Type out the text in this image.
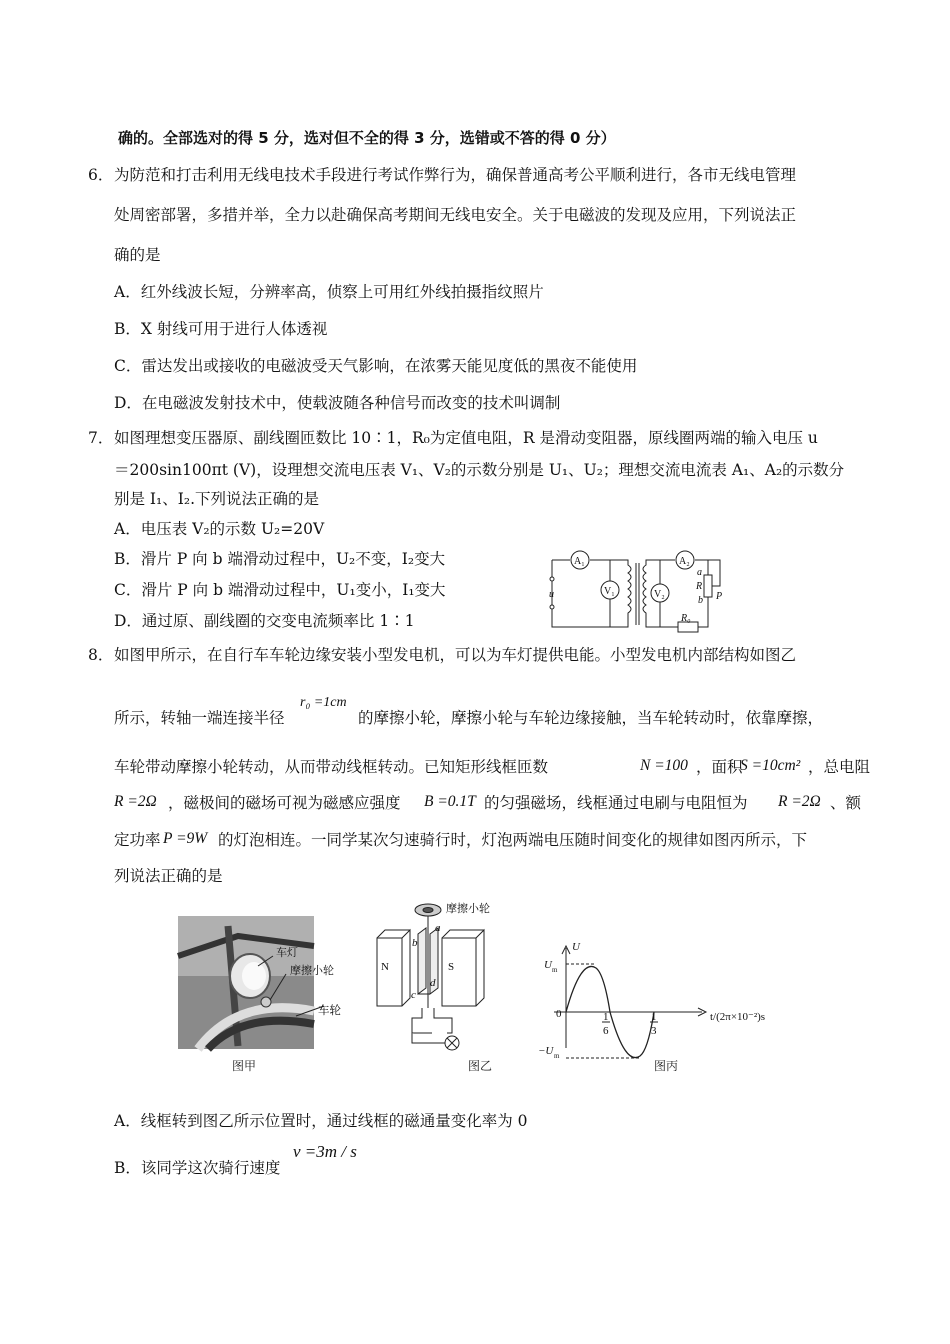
确的。全部选对的得 5 分，选对但不全的得 3 分，选错或不答的得 0 分）
6． 为防范和打击利用无线电技术手段进行考试作弊行为，确保普通高考公平顺利进行，各市无线电管理
处周密部署，多措并举，全力以赴确保高考期间无线电安全。关于电磁波的发现及应用，下列说法正
确的是
A．红外线波长短，分辨率高，侦察上可用红外线拍摄指纹照片
B．X 射线可用于进行人体透视
C．雷达发出或接收的电磁波受天气影响，在浓雾天能见度低的黑夜不能使用
D．在电磁波发射技术中，使载波随各种信号而改变的技术叫调制
7． 如图理想变压器原、副线圈匝数比 10∶1，R₀为定值电阻，R 是滑动变阻器，原线圈两端的输入电压 u
＝200sin100πt (V)，设理想交流电压表 V₁、V₂的示数分别是 U₁、U₂；理想交流电流表 A₁、A₂的示数分
别是 I₁、I₂.下列说法正确的是
A．电压表 V₂的示数 U₂=20V
B．滑片 P 向 b 端滑动过程中，U₂不变，I₂变大
C．滑片 P 向 b 端滑动过程中，U₁变小，I₁变大
D．通过原、副线圈的交变电流频率比 1∶1
A₁
V₁
A₂
V₂
u
R
a
b P
R₀
8． 如图甲所示，在自行车车轮边缘安装小型发电机，可以为车灯提供电能。小型发电机内部结构如图乙
所示，转轴一端连接半径
r₀ =1cm
的摩擦小轮，摩擦小轮与车轮边缘接触，当车轮转动时，依靠摩擦，
车轮带动摩擦小轮转动，从而带动线框转动。已知矩形线框匝数	N =100 ，面积
S =10cm² ，总电阻
R =2Ω ，磁极间的磁场可视为磁感应强度 B =0.1T 的匀强磁场，线框通过电刷与电阻恒为 R =2Ω 、额
定功率 P =9W 的灯泡相连。一同学某次匀速骑行时，灯泡两端电压随时间变化的规律如图丙所示，下
列说法正确的是
车灯
摩擦小轮
车轮
图甲
摩擦小轮
N	S
a
b
c
d
图乙
U
t/(2π×10⁻²)s
U m
0
−U m
1
6
1
3
图丙
A．线框转到图乙所示位置时，通过线框的磁通量变化率为 0
B．该同学这次骑行速度
v =3m / s
